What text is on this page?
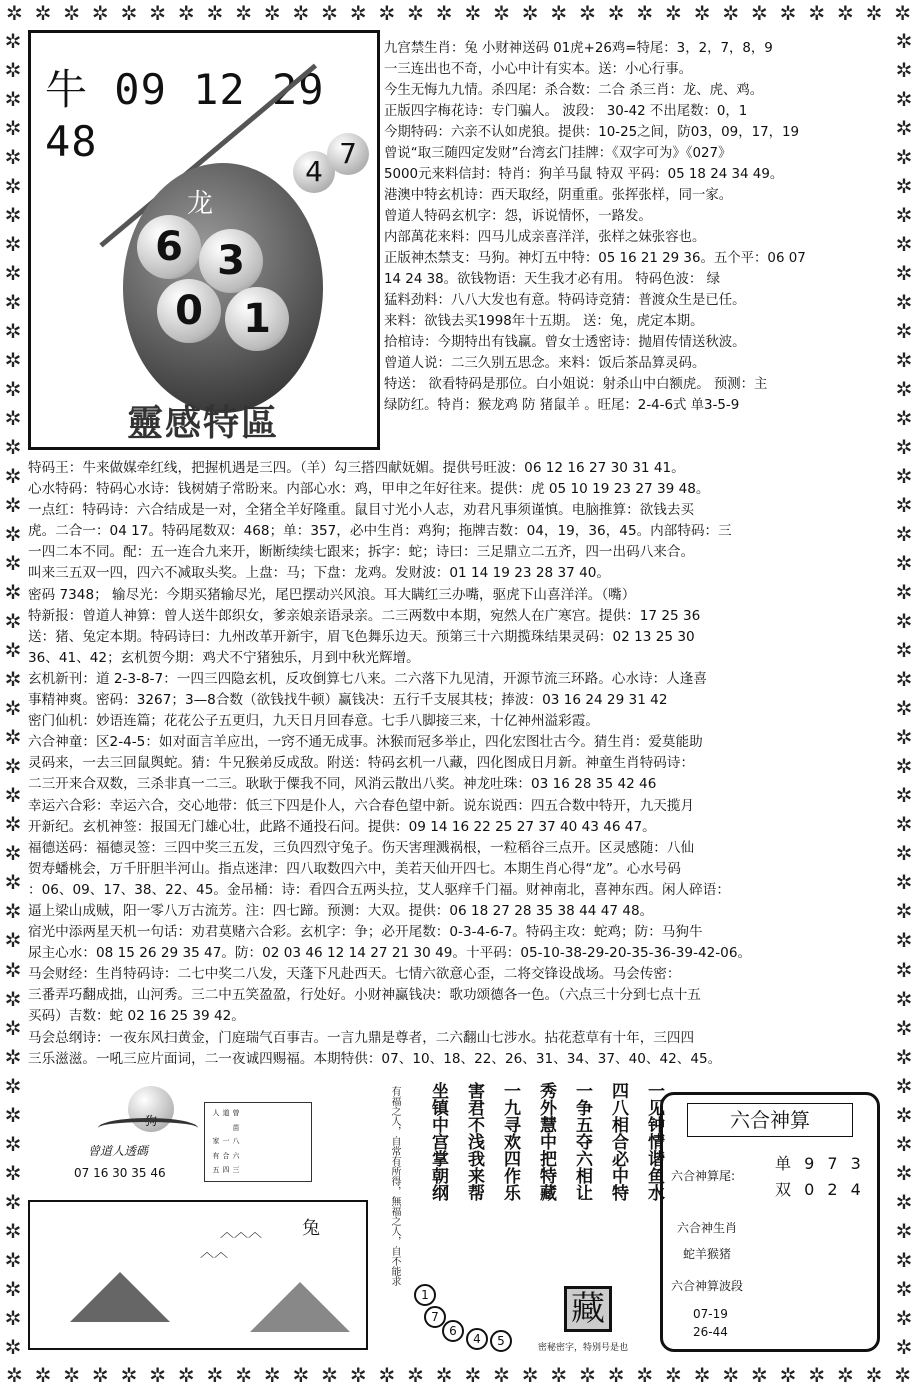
✲ ✲ ✲ ✲ ✲ ✲ ✲ ✲ ✲ ✲ ✲ ✲ ✲ ✲ ✲ ✲ ✲ ✲ ✲ ✲ ✲ ✲ ✲ ✲ ✲ ✲ ✲ ✲ ✲ ✲ ✲ ✲
✲ ✲ ✲ ✲ ✲ ✲ ✲ ✲ ✲ ✲ ✲ ✲ ✲ ✲ ✲ ✲ ✲ ✲ ✲ ✲ ✲ ✲ ✲ ✲ ✲ ✲ ✲ ✲ ✲ ✲ ✲ ✲
✲
✲
✲
✲
✲
✲
✲
✲
✲
✲
✲
✲
✲
✲
✲
✲
✲
✲
✲
✲
✲
✲
✲
✲
✲
✲
✲
✲
✲
✲
✲
✲
✲
✲
✲
✲
✲
✲
✲
✲
✲
✲
✲
✲
✲
✲
✲
✲
✲
✲
✲
✲
✲
✲
✲
✲
✲
✲
✲
✲
✲
✲
✲
✲
✲
✲
✲
✲
✲
✲
✲
✲
✲
✲
✲
✲
✲
✲
✲
✲
✲
✲
✲
✲
✲
✲
✲
✲
✲
✲
✲
✲
牛 09 12 29 48
龙
6 3
0	1
4
7
靈感特區

九宫禁生肖：兔 小财神送码 01虎+26鸡=特尾：3，2，7，8，9

一三连出也不奇，小心中计有实本。送：小心行事。

今生无悔九九情。杀四尾：杀合数：二合 杀三肖：龙、虎、鸡。

正版四字梅花诗：专门骗人。 波段： 30-42 不出尾数：0，1

今期特码：六亲不认如虎狼。提供：10-25之间，防03，09，17，19

曾说“取三随四定发财”台湾玄门挂牌：《双字可为》《027》

5000元来料信封：特肖：狗羊马鼠 特双 平码：05 18 24 34 49。

港澳中特玄机诗：西天取经，阴重重。张挥张样，同一家。

曾道人特码玄机字：怨，诉说情怀，一路发。

内部萬花来料：四马儿成亲喜洋洋，张样之妹张容也。

正版神杰禁支：马狗。神灯五中特：05 16 21 29 36。五个平：06 07

14 24 38。欲钱物语：天生我才必有用。 特码色波： 绿

猛料劲料：八八大发也有意。特码诗竞猜：普渡众生是已任。

来料：欲钱去买1998年十五期。 送：兔，虎定本期。

拾棺诗：今期特出有钱赢。曾女士透密诗：抛眉传情送秋波。

曾道人说：二三久别五思念。来料：饭后茶品算灵码。

特送： 欲看特码是那位。白小姐说：射杀山中白额虎。 预测：主

绿防红。特肖：猴龙鸡 防 猪鼠羊 。旺尾：2-4-6式 单3-5-9

特码王：牛来做媒牵红线，把握机遇是三四。（羊）勾三搭四献妩媚。提供号旺波：06 12 16 27 30 31 41。

心水特码：特码心水诗：钱树婧子常盼来。内部心水：鸡，甲申之年好往来。提供：虎 05 10 19 23 27 39 48。

一点红：特码诗：六合结成是一对，全猪全羊好隆重。鼠目寸光小人志，劝君凡事须谨慎。电脑推算：欲钱去买

虎。二合一：04 17。特码尾数双：468；单：357，必中生肖：鸡狗；拖牌吉数：04，19，36，45。内部特码：三

一四二本不同。配：五一连合九来开，断断续续七跟来；拆字：蛇；诗曰：三足鼎立二五齐，四一出码八来合。

叫来三五双一四，四六不减取头奖。上盘：马；下盘：龙鸡。发财波：01 14 19 23 28 37 40。

密码 7348； 输尽光：今期买猪输尽光，尾巴摆动兴风浪。耳大瞒红三办嘴，驱虎下山喜洋洋。（嘴）

特新报：曾道人神算：曾人送牛郎织女，爹亲娘亲语录亲。二三两数中本期，宛然人在广寒宫。提供：17 25 36

送：猪、兔定本期。特码诗曰：九州改革开新宇，眉飞色舞乐边天。预第三十六期揽珠结果灵码：02 13 25 30

36、41、42；玄机贺今期：鸡犬不宁猪独乐，月到中秋光辉增。

玄机新刊：道 2-3-8-7：一四三四隐玄机，反攻倒算七八来。二六落下九见清，开源节流三环路。心水诗：人逢喜

事精神爽。密码：3267；3—8合数（欲钱找牛顿）赢钱决：五行千支展其枝；捧波：03 16 24 29 31 42

密门仙机：妙语连篇；花花公子五更归，九天日月回春意。七手八脚接三来，十亿神州溢彩霞。

六合神童：区2-4-5：如对面言羊应出，一窍不通无成事。沐猴而冠多举止，四化宏图壮古今。猜生肖：爱莫能助

灵码来，一去三回鼠舆蛇。猜：牛兄猴弟反成敌。附送：特码玄机一八藏，四化图成日月新。神童生肖特码诗：

二三开来合双数，三杀非真一二三。耿耿于僳我不同，风消云散出八奖。神龙吐珠：03 16 28 35 42 46

幸运六合彩：幸运六合，交心地带：低三下四是仆人，六合春色望中新。说东说西：四五合数中特开，九天揽月

开新纪。玄机神签：报国无门雄心壮，此路不通投石问。提供：09 14 16 22 25 27 37 40 43 46 47。

福德送码：福德灵签：三四中奖三五发，三负四烈守兔子。伤天害理溅祸根，一粒稻谷三点开。区灵感随：八仙

贺寿蟠桃会，万千肝胆半河山。指点迷津：四八取数四六中，美若天仙开四七。本期生肖心得“龙”。心水号码

：06、09、17、38、22、45。金吊桶：诗：看四合五两头拉，艾人驱痒千门福。财神南北，喜神东西。闲人碎语：

逼上梁山成贼，阳一零八万古流芳。注：四七蹄。预测：大双。提供：06 18 27 28 35 38 44 47 48。

宿光中添两星天机一句话：劝君莫赌六合彩。玄机字：争；必开尾数：0-3-4-6-7。特码主攻：蛇鸡；防：马狗牛

尿主心水：08 15 26 29 35 47。防：02 03 46 12 14 27 21 30 49。十平码：05-10-38-29-20-35-36-39-42-06。

马会财经：生肖特码诗：二七中奖二八发，天蓬下凡赴西天。七情六欲意心歪，二将交锋设战场。马会传密：

三番弄巧翻成拙，山河秀。三二中五笑盈盈，行处好。小财神赢钱决：歌功颂德各一色。（六点三十分到七点十五

买码）吉数：蛇 02 16 25 39 42。

马会总纲诗：一夜东风扫黄金，门庭瑞气百事吉。一言九鼎是尊者，二六翻山七涉水。拈花惹草有十年，三四四

三乐滋滋。一吼三应片面词，二一夜诚四赐福。本期特供：07、10、18、22、26、31、34、37、40、42、45。

狗
曾道人透碼
07 16 30 35 46	三四五
六合有
八一家
苗
曾道人
兔
︿︿︿
︿︿	有福之人，自常有所得，無福之人，自不能求	一见钟情谐鱼水
四八相合必中特
一争五夺六相让
秀外慧中把特藏
一九寻欢四作乐
害君不浅我来帮
坐镇中宫掌朝纲
1
7
6
4	5
藏
密秘密字，特别号是也
六合神算
六合神算尾:
单 9 7 3
双 0 2 4
六合神生肖
蛇羊猴猪
六合神算波段
07-19
26-44
